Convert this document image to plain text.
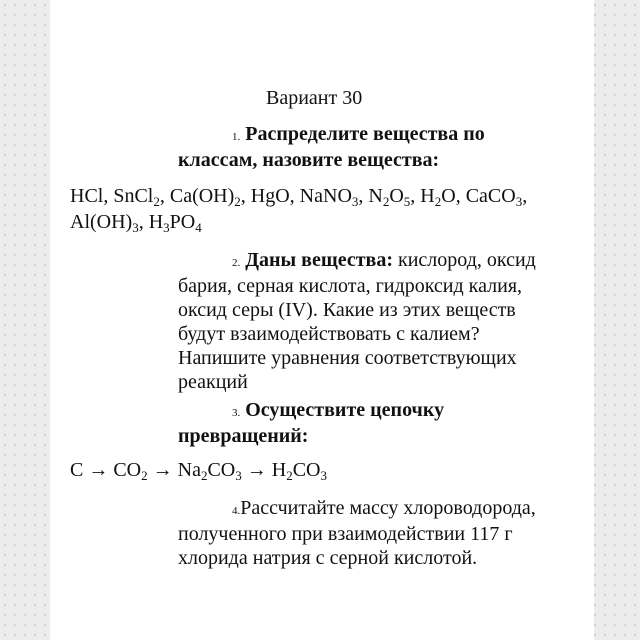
Вариант 30
1. Распределите вещества по
классам, назовите вещества:
HCl, SnCl$_2$, $Ca(OH)_2$, HgO, NaNO$_3$, $N_2O_5$, $H_2O$, CaCO$_3$,
$Al(OH)_3$, $H_3PO_4$
2. Даны вещества: кислород, оксид
бария, серная кислота, гидроксид калия,
оксид серы (IV). Какие из этих веществ
будут взаимодействовать с калием?
Напишите уравнения соответствующих
реакций
3. Осуществите цепочку
превращений:
$C \to CO_2 \to Na_2CO_3 \to H_2CO_3$
4.Рассчитайте массу хлороводорода,
полученного при взаимодействии 117 г
хлорида натрия с серной кислотой.
